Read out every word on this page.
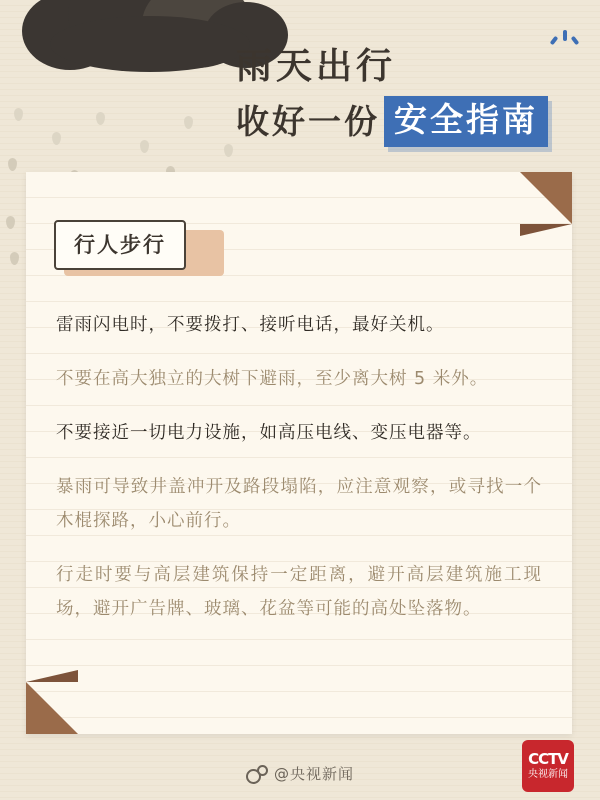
雨天出行
收好一份 安全指南
行人步行

雷雨闪电时，不要拨打、接听电话，最好关机。

不要在高大独立的大树下避雨，至少离大树 5 米外。

不要接近一切电力设施，如高压电线、变压电器等。

暴雨可导致井盖冲开及路段塌陷，应注意观察，或寻找一个木棍探路，小心前行。

行走时要与高层建筑保持一定距离，避开高层建筑施工现场，避开广告牌、玻璃、花盆等可能的高处坠落物。

@央视新闻
CCTV
央视新闻
